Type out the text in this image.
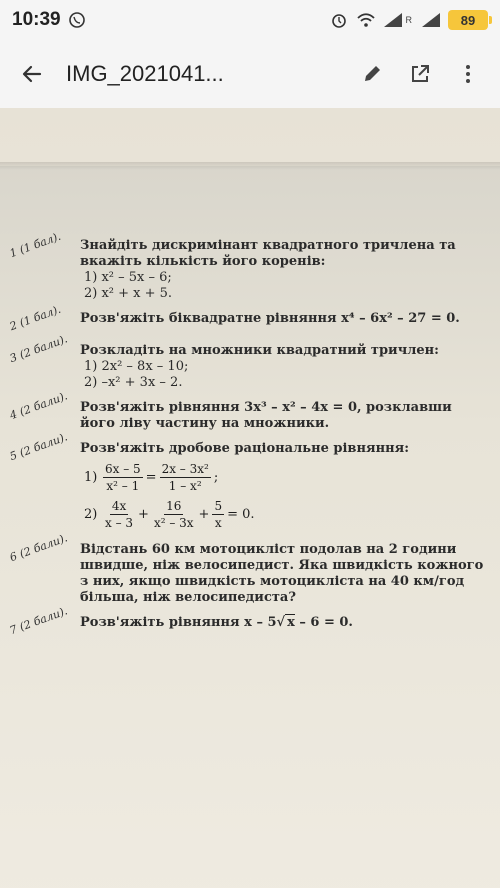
10:39	R	89
IMG_2021041...
1 (1 бал).	Знайдіть дискримінант квадратного тричлена та вкажіть кількість його коренів:
1) x² – 5x – 6;
2) x² + x + 5.
2 (1 бал).	Розв'яжіть біквадратне рівняння x⁴ – 6x² – 27 = 0.
3 (2 бали). Розкладіть на множники квадратний тричлен:
1) 2x² – 8x – 10;
2) –x² + 3x – 2.
4 (2 бали). Розв'яжіть рівняння 3x³ – x² – 4x = 0, розклавши його ліву частину на множники.
5 (2 бали). Розв'яжіть дробове раціональне рівняння:
$1) \frac{6x - 5}{\text{x² – 1}} = \frac{\text{2x – 3x²}}{\text{1 – x²}}$ ;
$2) \frac{4x}{x - 3} + \frac{16}{\text{x² – 3x}} + \frac{5}{x} = 0$.
6 (2 бали). Відстань 60 км мотоцикліст подолав на 2 години швидше, ніж велосипедист. Яка швидкість кожного з них, якщо швидкість мотоцикліста на 40 км/год більша, ніж велосипедиста?
7 (2 бали). Розв'яжіть рівняння x – 5√ x – 6 = 0.
